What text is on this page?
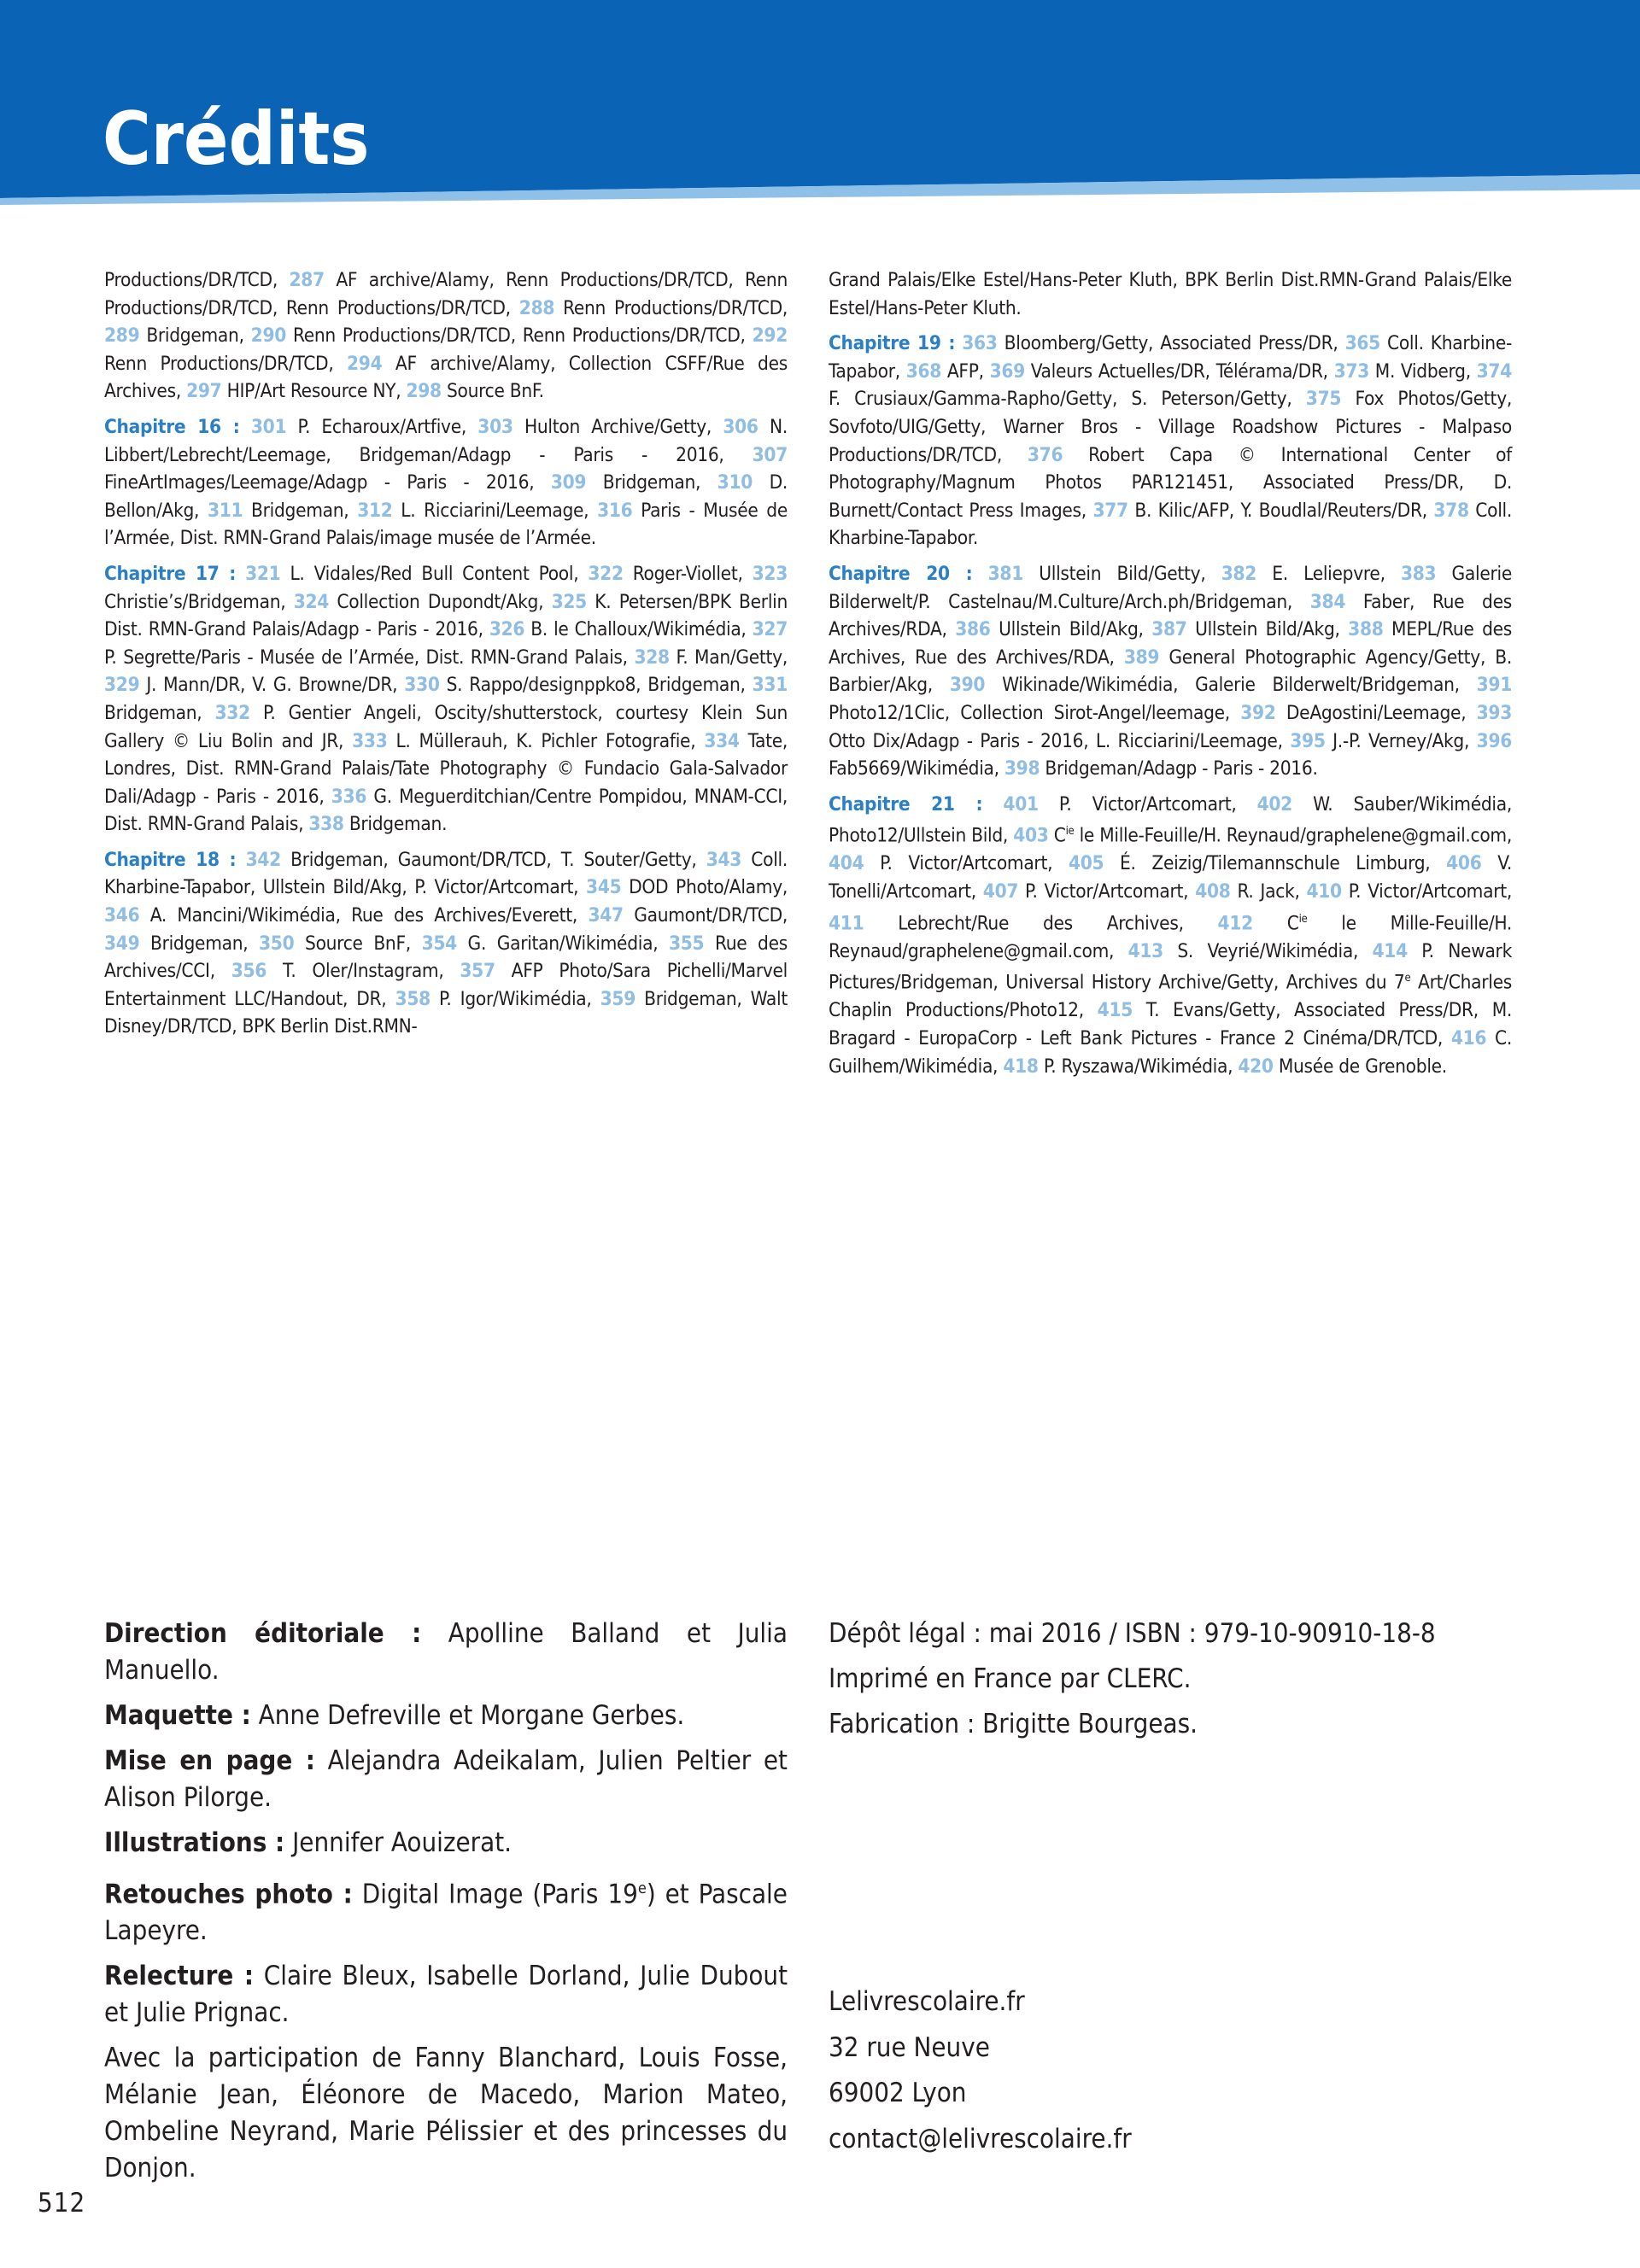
Crédits

Productions/DR/TCD, 287 AF archive/Alamy, Renn Productions/DR/TCD, Renn Productions/DR/TCD, Renn Productions/DR/TCD, 288 Renn Productions/DR/TCD, 289 Bridgeman, 290 Renn Productions/DR/TCD, Renn Productions/DR/TCD, 292 Renn Productions/DR/TCD, 294 AF archive/Alamy, Collection CSFF/Rue des Archives, 297 HIP/Art Resource NY, 298 Source BnF.

Chapitre 16 : 301 P. Echaroux/Artfive, 303 Hulton Archive/Getty, 306 N. Libbert/Lebrecht/Leemage, Bridgeman/Adagp - Paris - 2016, 307 FineArtImages/Leemage/Adagp - Paris - 2016, 309 Bridgeman, 310 D. Bellon/Akg, 311 Bridgeman, 312 L. Ricciarini/Leemage, 316 Paris - Musée de l’Armée, Dist. RMN-Grand Palais/image musée de l’Armée.

Chapitre 17 : 321 L. Vidales/Red Bull Content Pool, 322 Roger-Viollet, 323 Christie’s/Bridgeman, 324 Collection Dupondt/Akg, 325 K. Petersen/BPK Berlin Dist. RMN-Grand Palais/Adagp - Paris - 2016, 326 B. le Challoux/Wikimédia, 327 P. Segrette/Paris - Musée de l’Armée, Dist. RMN-Grand Palais, 328 F. Man/Getty, 329 J. Mann/DR, V. G. Browne/DR, 330 S. Rappo/designppko8, Bridgeman, 331 Bridgeman, 332 P. Gentier Angeli, Oscity/shutterstock, courtesy Klein Sun Gallery © Liu Bolin and JR, 333 L. Müllerauh, K. Pichler Fotografie, 334 Tate, Londres, Dist. RMN-Grand Palais/Tate Photography © Fundacio Gala-Salvador Dali/Adagp - Paris - 2016, 336 G. Meguerditchian/Centre Pompidou, MNAM-CCI, Dist. RMN-Grand Palais, 338 Bridgeman.

Chapitre 18 : 342 Bridgeman, Gaumont/DR/TCD, T. Souter/Getty, 343 Coll. Kharbine-Tapabor, Ullstein Bild/Akg, P. Victor/Artcomart, 345 DOD Photo/Alamy, 346 A. Mancini/Wikimédia, Rue des Archives/Everett, 347 Gaumont/DR/TCD, 349 Bridgeman, 350 Source BnF, 354 G. Garitan/Wikimédia, 355 Rue des Archives/CCI, 356 T. Oler/Instagram, 357 AFP Photo/Sara Pichelli/Marvel Entertainment LLC/Handout, DR, 358 P. Igor/Wikimédia, 359 Bridgeman, Walt Disney/DR/TCD, BPK Berlin Dist.RMN-

Grand Palais/Elke Estel/Hans-Peter Kluth, BPK Berlin Dist.RMN-Grand Palais/Elke Estel/Hans-Peter Kluth.

Chapitre 19 : 363 Bloomberg/Getty, Associated Press/DR, 365 Coll. Kharbine-Tapabor, 368 AFP, 369 Valeurs Actuelles/DR, Télérama/DR, 373 M. Vidberg, 374 F. Crusiaux/Gamma-Rapho/Getty, S. Peterson/Getty, 375 Fox Photos/Getty, Sovfoto/UIG/Getty, Warner Bros - Village Roadshow Pictures - Malpaso Productions/DR/TCD, 376 Robert Capa © International Center of Photography/Magnum Photos PAR121451, Associated Press/DR, D. Burnett/Contact Press Images, 377 B. Kilic/AFP, Y. Boudlal/Reuters/DR, 378 Coll. Kharbine-Tapabor.

Chapitre 20 : 381 Ullstein Bild/Getty, 382 E. Leliepvre, 383 Galerie Bilderwelt/P. Castelnau/M.Culture/Arch.ph/Bridgeman, 384 Faber, Rue des Archives/RDA, 386 Ullstein Bild/Akg, 387 Ullstein Bild/Akg, 388 MEPL/Rue des Archives, Rue des Archives/RDA, 389 General Photographic Agency/Getty, B. Barbier/Akg, 390 Wikinade/Wikimédia, Galerie Bilderwelt/Bridgeman, 391 Photo12/1Clic, Collection Sirot-Angel/leemage, 392 DeAgostini/Leemage, 393 Otto Dix/Adagp - Paris - 2016, L. Ricciarini/Leemage, 395 J.-P. Verney/Akg, 396 Fab5669/Wikimédia, 398 Bridgeman/Adagp - Paris - 2016.

Chapitre 21 : 401 P. Victor/Artcomart, 402 W. Sauber/Wikimédia, Photo12/Ullstein Bild, 403 $C^{ie}$ le Mille-Feuille/H. Reynaud/graphelene@gmail.com, 404 P. Victor/Artcomart, 405 É. Zeizig/Tilemannschule Limburg, 406 V. Tonelli/Artcomart, 407 P. Victor/Artcomart, 408 R. Jack, 410 P. Victor/Artcomart, 411 Lebrecht/Rue des Archives, 412 $C^{ie}$ le Mille-Feuille/H. Reynaud/graphelene@gmail.com, 413 S. Veyrié/Wikimédia, 414 P. Newark Pictures/Bridgeman, Universal History Archive/Getty, Archives du 7e Art/Charles Chaplin Productions/Photo12, 415 T. Evans/Getty, Associated Press/DR, M. Bragard - EuropaCorp - Left Bank Pictures - France 2 Cinéma/DR/TCD, 416 C. Guilhem/Wikimédia, 418 P. Ryszawa/Wikimédia, 420 Musée de Grenoble.

Direction éditoriale : Apolline Balland et Julia Manuello.

Maquette : Anne Defreville et Morgane Gerbes.

Mise en page : Alejandra Adeikalam, Julien Peltier et Alison Pilorge.

Illustrations : Jennifer Aouizerat.

Retouches photo : Digital Image (Paris 19e) et Pascale Lapeyre.

Relecture : Claire Bleux, Isabelle Dorland, Julie Dubout et Julie Prignac.

Avec la participation de Fanny Blanchard, Louis Fosse, Mélanie Jean, Éléonore de Macedo, Marion Mateo, Ombeline Neyrand, Marie Pélissier et des princesses du Donjon.

Dépôt légal : mai 2016 / ISBN : 979-10-90910-18-8

Imprimé en France par CLERC.

Fabrication : Brigitte Bourgeas.

Lelivrescolaire.fr
32 rue Neuve
69002 Lyon
contact@lelivrescolaire.fr
512
